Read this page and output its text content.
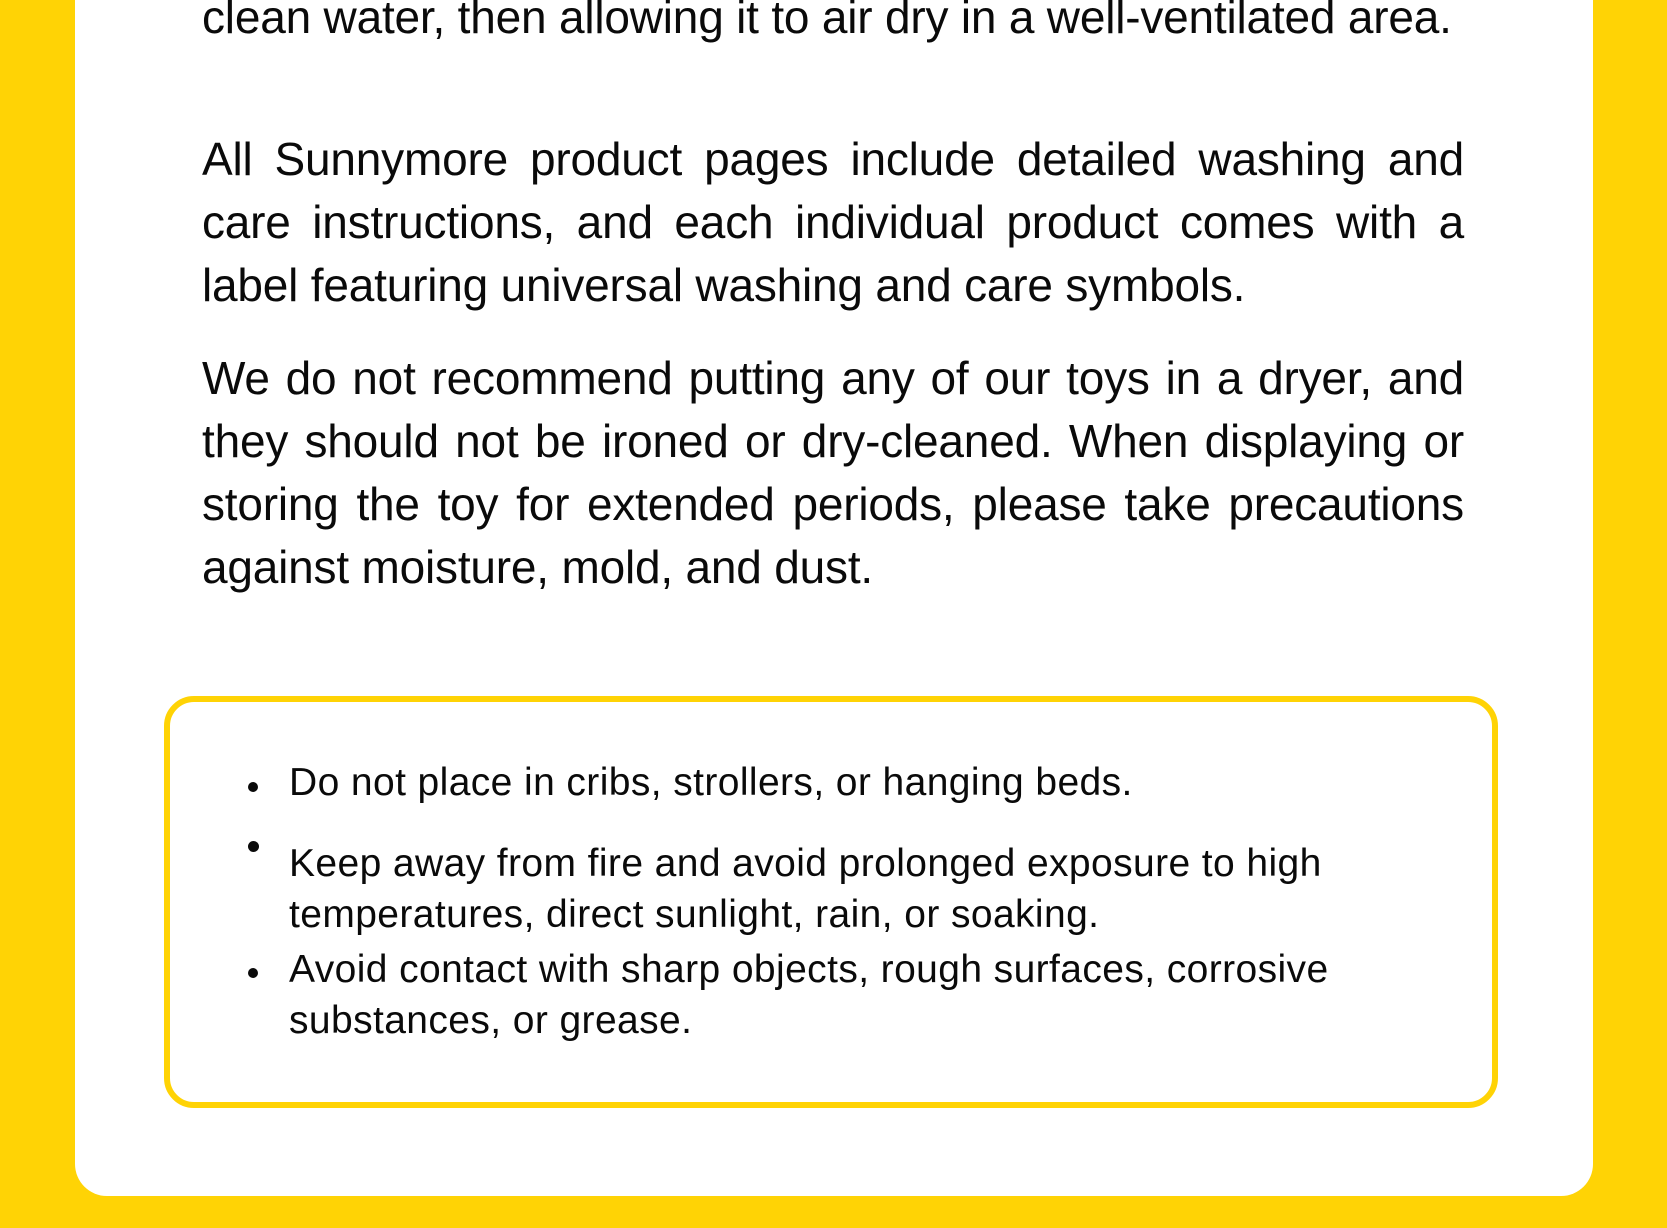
clean water, then allowing it to air dry in a well-ventilated area.

All Sunnymore product pages include detailed washing and care instructions, and each individual product comes with a label featuring universal washing and care symbols.

We do not recommend putting any of our toys in a dryer, and they should not be ironed or dry-cleaned. When displaying or storing the toy for extended periods, please take precautions against moisture, mold, and dust.

Do not place in cribs, strollers, or hanging beds.
Keep away from fire and avoid prolonged exposure to high temperatures, direct sunlight, rain, or soaking.
Avoid contact with sharp objects, rough surfaces, corrosive substances, or grease.
